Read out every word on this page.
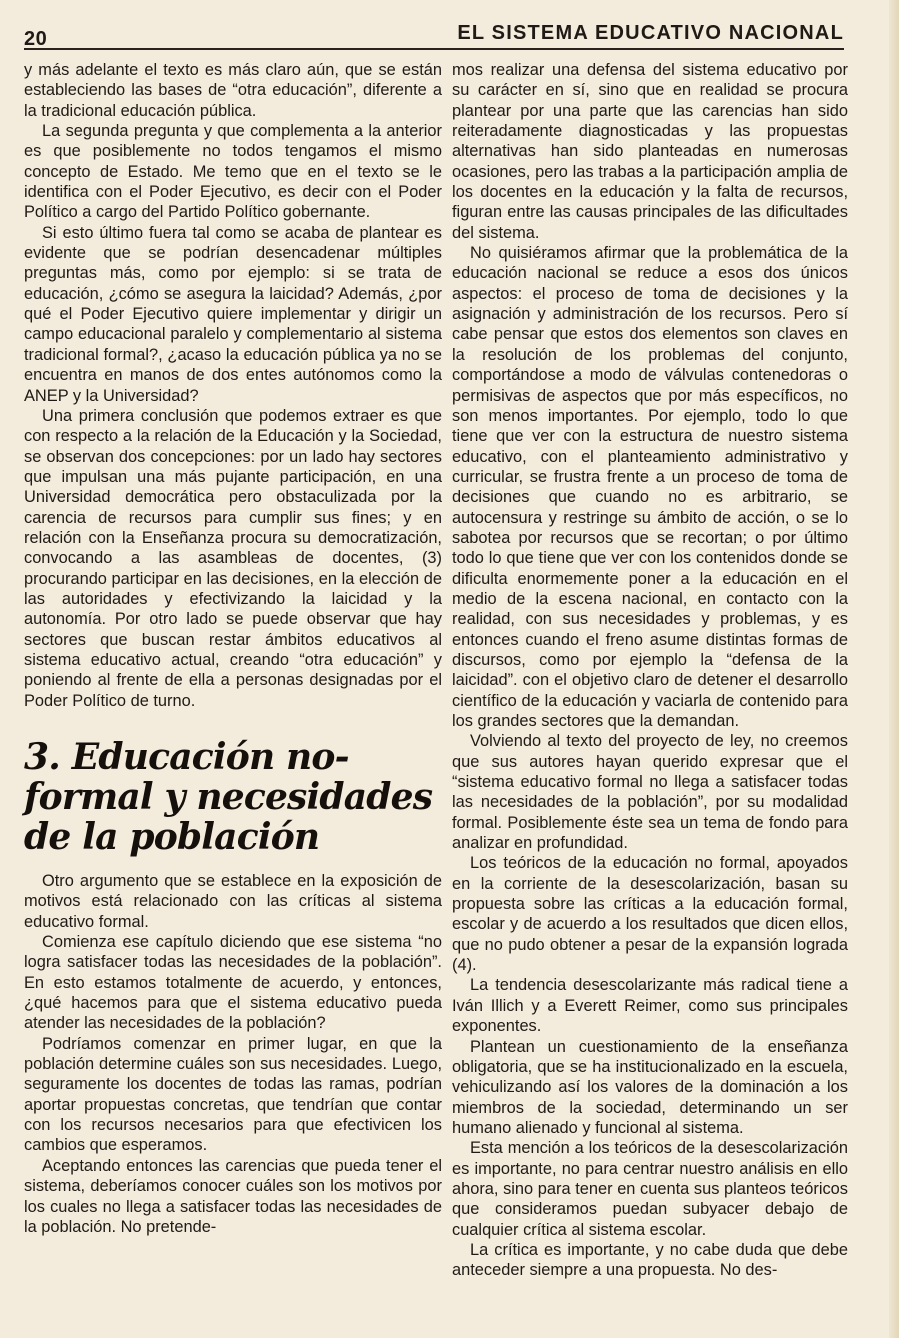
20	EL SISTEMA EDUCATIVO NACIONAL

y más adelante el texto es más claro aún, que se están estableciendo las bases de “otra educación”, diferente a la tradicional educación pública.

La segunda pregunta y que complementa a la anterior es que posiblemente no todos tengamos el mismo concepto de Estado. Me temo que en el texto se le identifica con el Poder Ejecutivo, es decir con el Poder Político a cargo del Partido Político gobernante.

Si esto último fuera tal como se acaba de plantear es evidente que se podrían desencadenar múltiples preguntas más, como por ejemplo: si se trata de educación, ¿cómo se asegura la laicidad? Además, ¿por qué el Poder Ejecutivo quiere implementar y dirigir un campo educacional paralelo y complementario al sistema tradicional formal?, ¿acaso la educación pública ya no se encuentra en manos de dos entes autónomos como la ANEP y la Universidad?

Una primera conclusión que podemos extraer es que con respecto a la relación de la Educación y la Sociedad, se observan dos concepciones: por un lado hay sectores que impulsan una más pujante participación, en una Universidad democrática pero obstaculizada por la carencia de recursos para cumplir sus fines; y en relación con la Enseñanza procura su democratización, convocando a las asambleas de docentes, (3) procurando participar en las decisiones, en la elección de las autoridades y efectivizando la laicidad y la autonomía. Por otro lado se puede observar que hay sectores que buscan restar ámbitos educativos al sistema educativo actual, creando “otra educación” y poniendo al frente de ella a personas designadas por el Poder Político de turno.

3. Educación no-formal y necesidades de la población

Otro argumento que se establece en la exposición de motivos está relacionado con las críticas al sistema educativo formal.

Comienza ese capítulo diciendo que ese sistema “no logra satisfacer todas las necesidades de la población”. En esto estamos totalmente de acuerdo, y entonces, ¿qué hacemos para que el sistema educativo pueda atender las necesidades de la población?

Podríamos comenzar en primer lugar, en que la población determine cuáles son sus necesidades. Luego, seguramente los docentes de todas las ramas, podrían aportar propuestas concretas, que tendrían que contar con los recursos necesarios para que efectivicen los cambios que esperamos.

Aceptando entonces las carencias que pueda tener el sistema, deberíamos conocer cuáles son los motivos por los cuales no llega a satisfacer todas las necesidades de la población. No pretende-

mos realizar una defensa del sistema educativo por su carácter en sí, sino que en realidad se procura plantear por una parte que las carencias han sido reiteradamente diagnosticadas y las propuestas alternativas han sido planteadas en numerosas ocasiones, pero las trabas a la participación amplia de los docentes en la educación y la falta de recursos, figuran entre las causas principales de las dificultades del sistema.

No quisiéramos afirmar que la problemática de la educación nacional se reduce a esos dos únicos aspectos: el proceso de toma de decisiones y la asignación y administración de los recursos. Pero sí cabe pensar que estos dos elementos son claves en la resolución de los problemas del conjunto, comportándose a modo de válvulas contenedoras o permisivas de aspectos que por más específicos, no son menos importantes. Por ejemplo, todo lo que tiene que ver con la estructura de nuestro sistema educativo, con el planteamiento administrativo y curricular, se frustra frente a un proceso de toma de decisiones que cuando no es arbitrario, se autocensura y restringe su ámbito de acción, o se lo sabotea por recursos que se recortan; o por último todo lo que tiene que ver con los contenidos donde se dificulta enormemente poner a la educación en el medio de la escena nacional, en contacto con la realidad, con sus necesidades y problemas, y es entonces cuando el freno asume distintas formas de discursos, como por ejemplo la “defensa de la laicidad”. con el objetivo claro de detener el desarrollo científico de la educación y vaciarla de contenido para los grandes sectores que la demandan.

Volviendo al texto del proyecto de ley, no creemos que sus autores hayan querido expresar que el “sistema educativo formal no llega a satisfacer todas las necesidades de la población”, por su modalidad formal. Posiblemente éste sea un tema de fondo para analizar en profundidad.

Los teóricos de la educación no formal, apoyados en la corriente de la desescolarización, basan su propuesta sobre las críticas a la educación formal, escolar y de acuerdo a los resultados que dicen ellos, que no pudo obtener a pesar de la expansión lograda (4).

La tendencia desescolarizante más radical tiene a Iván Illich y a Everett Reimer, como sus principales exponentes.

Plantean un cuestionamiento de la enseñanza obligatoria, que se ha institucionalizado en la escuela, vehiculizando así los valores de la dominación a los miembros de la sociedad, determinando un ser humano alienado y funcional al sistema.

Esta mención a los teóricos de la desescolarización es importante, no para centrar nuestro análisis en ello ahora, sino para tener en cuenta sus planteos teóricos que consideramos puedan subyacer debajo de cualquier crítica al sistema escolar.

La crítica es importante, y no cabe duda que debe anteceder siempre a una propuesta. No des-
